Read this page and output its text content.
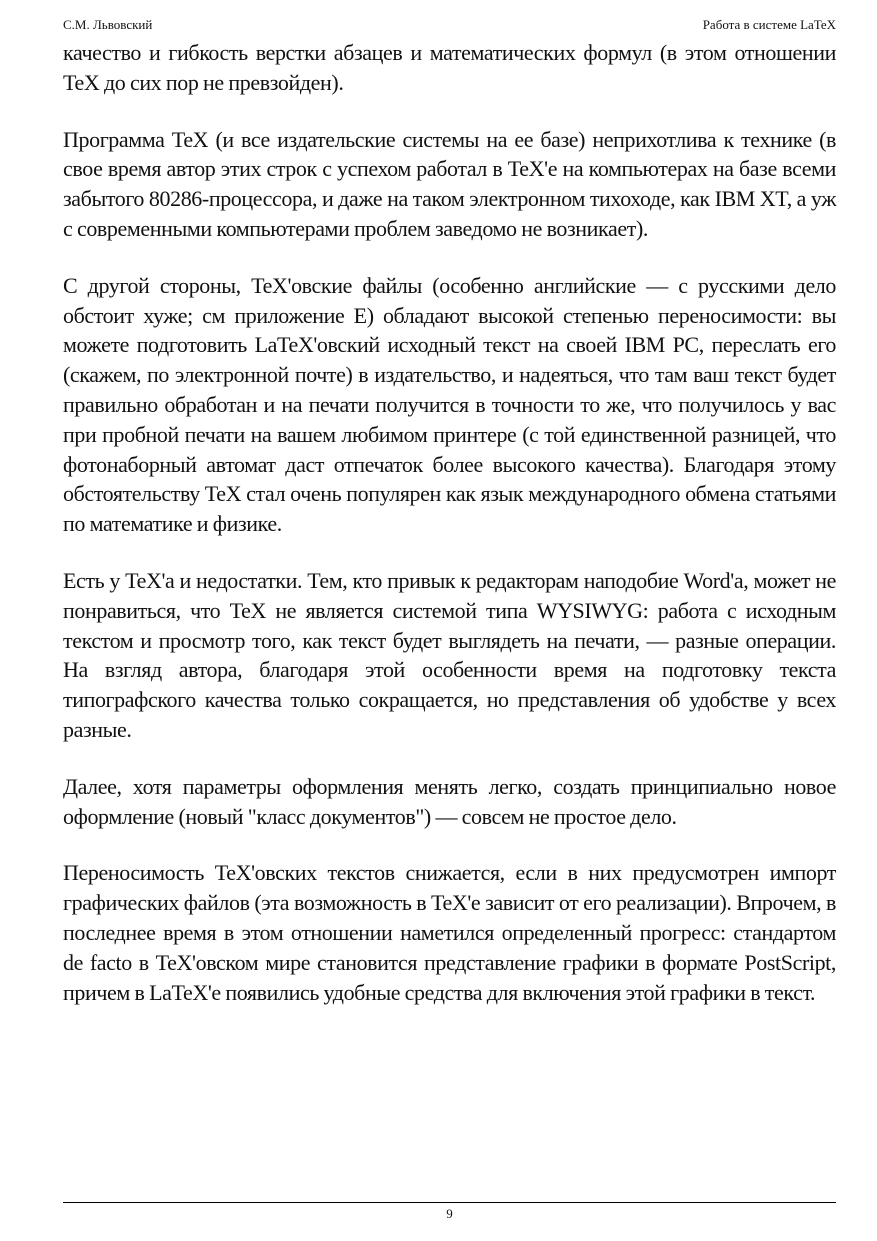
С.М. Львовский	Работа в системе LaTeX

качество и гибкость верстки абзацев и математических формул (в этом отношении TeX до сих пор не превзойден).

Программа TeX (и все издательские системы на ее базе) неприхотлива к технике (в свое время автор этих строк с успехом работал в TeX'е на компьютерах на базе всеми забытого 80286-процессора, и даже на таком электронном тихоходе, как IBM XT, а уж с современными компьютерами проблем заведомо не возникает).

С другой стороны, TeX'овские файлы (особенно английские — с русскими дело обстоит хуже; см приложение E) обладают высокой степенью переносимости: вы можете подготовить LaTeX'овский исходный текст на своей IBM PC, переслать его (скажем, по электронной почте) в издательство, и надеяться, что там ваш текст будет правильно обработан и на печати получится в точности то же, что получилось у вас при пробной печати на вашем любимом принтере (с той единственной разницей, что фотонаборный автомат даст отпечаток более высокого качества). Благодаря этому обстоятельству TeX стал очень популярен как язык международного обмена статьями по математике и физике.

Есть у TeX'а и недостатки. Тем, кто привык к редакторам наподобие Word'а, может не понравиться, что TeX не является системой типа WYSIWYG: работа с исходным текстом и просмотр того, как текст будет выглядеть на печати, — разные операции. На взгляд автора, благодаря этой особенности время на подготовку текста типографского качества только сокращается, но представления об удобстве у всех разные.

Далее, хотя параметры оформления менять легко, создать принципиально новое оформление (новый "класс документов") — совсем не простое дело.

Переносимость TeX'овских текстов снижается, если в них предусмотрен импорт графических файлов (эта возможность в TeX'е зависит от его реализации). Впрочем, в последнее время в этом отношении наметился определенный прогресс: стандартом de facto в TeX'овском мире становится представление графики в формате PostScript, причем в LaTeX'е появились удобные средства для включения этой графики в текст.

9
